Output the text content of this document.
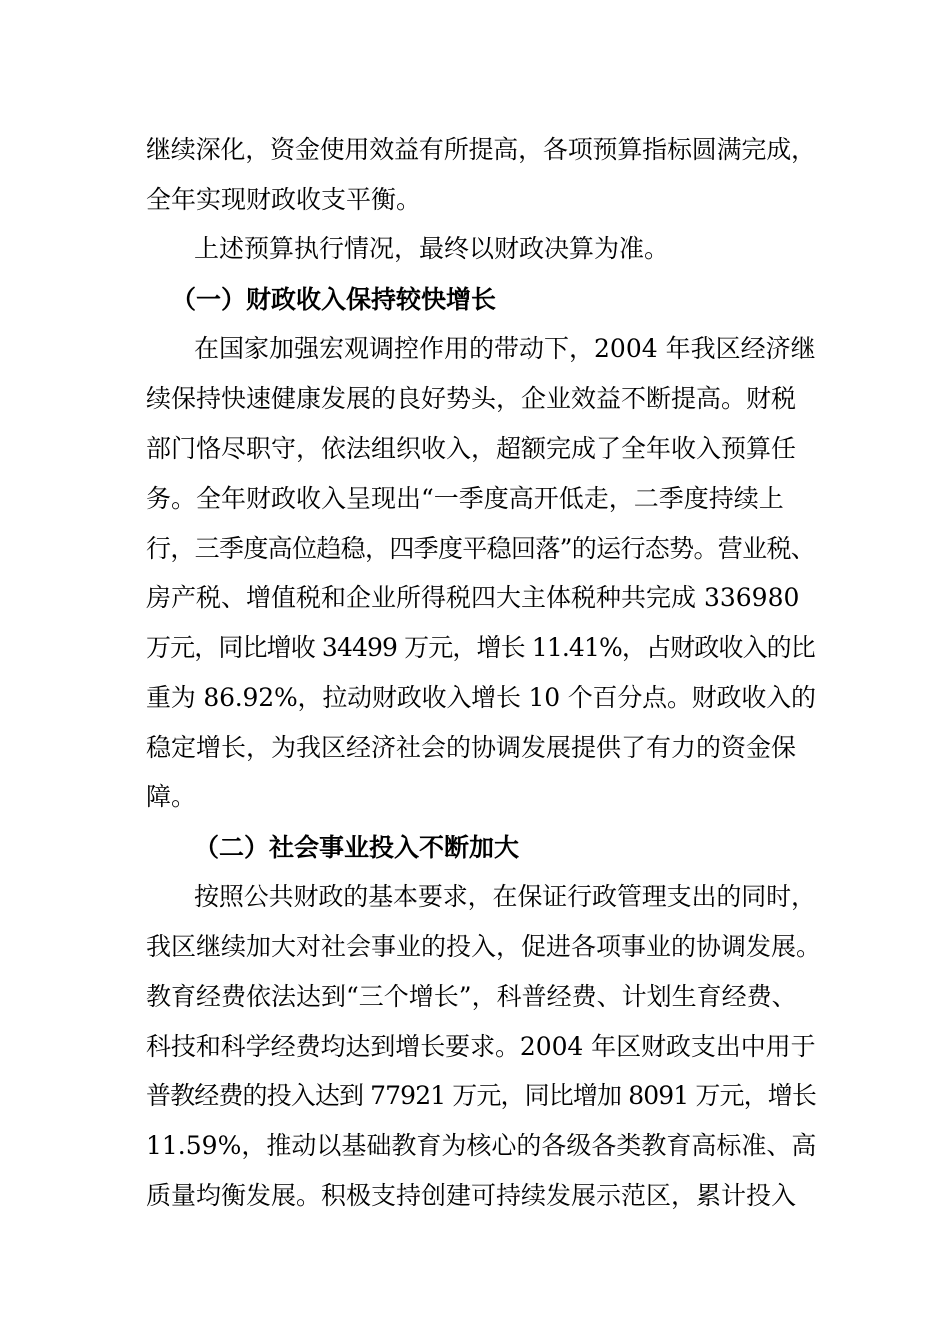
继续深化，资金使用效益有所提高，各项预算指标圆满完成，
全年实现财政收支平衡。
上述预算执行情况，最终以财政决算为准。
（一）财政收入保持较快增长
在国家加强宏观调控作用的带动下，2004 年我区经济继
续保持快速健康发展的良好势头，企业效益不断提高。财税
部门恪尽职守，依法组织收入，超额完成了全年收入预算任
务。全年财政收入呈现出“一季度高开低走，二季度持续上
行，三季度高位趋稳，四季度平稳回落”的运行态势。营业税、
房产税、增值税和企业所得税四大主体税种共完成 336980
万元，同比增收 34499 万元，增长 11.41%，占财政收入的比
重为 86.92%，拉动财政收入增长 10 个百分点。财政收入的
稳定增长，为我区经济社会的协调发展提供了有力的资金保
障。
（二）社会事业投入不断加大
按照公共财政的基本要求，在保证行政管理支出的同时，
我区继续加大对社会事业的投入，促进各项事业的协调发展。
教育经费依法达到“三个增长”，科普经费、计划生育经费、
科技和科学经费均达到增长要求。2004 年区财政支出中用于
普教经费的投入达到 77921 万元，同比增加 8091 万元，增长
11.59%，推动以基础教育为核心的各级各类教育高标准、高
质量均衡发展。积极支持创建可持续发展示范区，累计投入
